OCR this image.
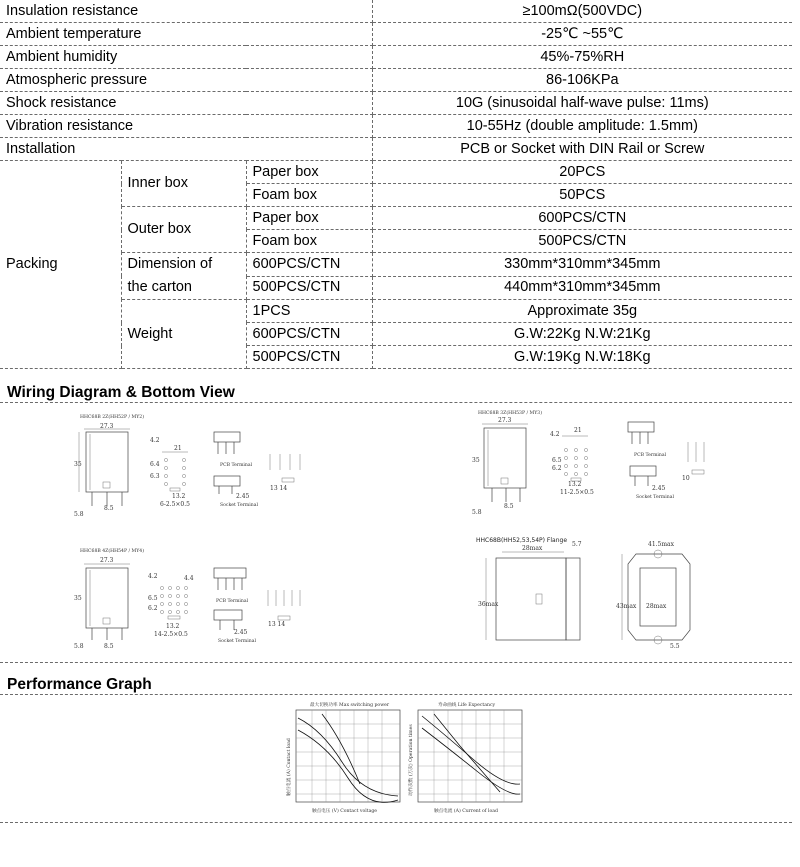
Insulation resistance			≥100mΩ(500VDC)
Ambient temperature			-25℃ ~55℃
Ambient humidity			45%-75%RH
Atmospheric pressure			86-106KPa
Shock resistance			10G (sinusoidal half-wave pulse: 11ms)
Vibration resistance			10-55Hz (double amplitude: 1.5mm)
Installation			PCB or Socket with DIN Rail or Screw
Packing	Inner box	Paper box	20PCS
		Foam box	50PCS
	Outer box	Paper box	600PCS/CTN
		Foam box	500PCS/CTN
	Dimension of
the carton	600PCS/CTN	330mm*310mm*345mm
		500PCS/CTN	440mm*310mm*345mm
	Weight	1PCS	Approximate 35g
		600PCS/CTN	G.W:22Kg N.W:21Kg
		500PCS/CTN	G.W:19Kg N.W:18Kg
Wiring Diagram & Bottom View
HHC68B 2Z(HH52P / MY2)
27.3
35
8.5
5.8
4.2
21
6.4
6.3
13.2
6-2.5×0.5
PCB Terminal
2.45
Socket Terminal
13 14
HHC68B 3Z(HH53P / MY3)
27.3
35
8.5
5.8
4.2
21
6.5
6.2
13.2
11-2.5×0.5
PCB Terminal
2.45
Socket Terminal
10
HHC68B 4Z(HH54P / MY4)
27.3
35
8.5
5.8
4.2	4.4
6.5
6.2
13.2
14-2.5×0.5
PCB Terminal
2.45
Socket Terminal
13 14
HHC68B(HH52,53,54P) Flange
28max
5.7
36max
41.5max
43max 28max
5.5
Performance Graph
最大切换功率 Max switching power
触点电流 (A) Contact load
触点电压 (V) Contact voltage
寿命曲线 Life Expectancy
动作次数 (万次) Operation times
触点电流 (A) Current of load
